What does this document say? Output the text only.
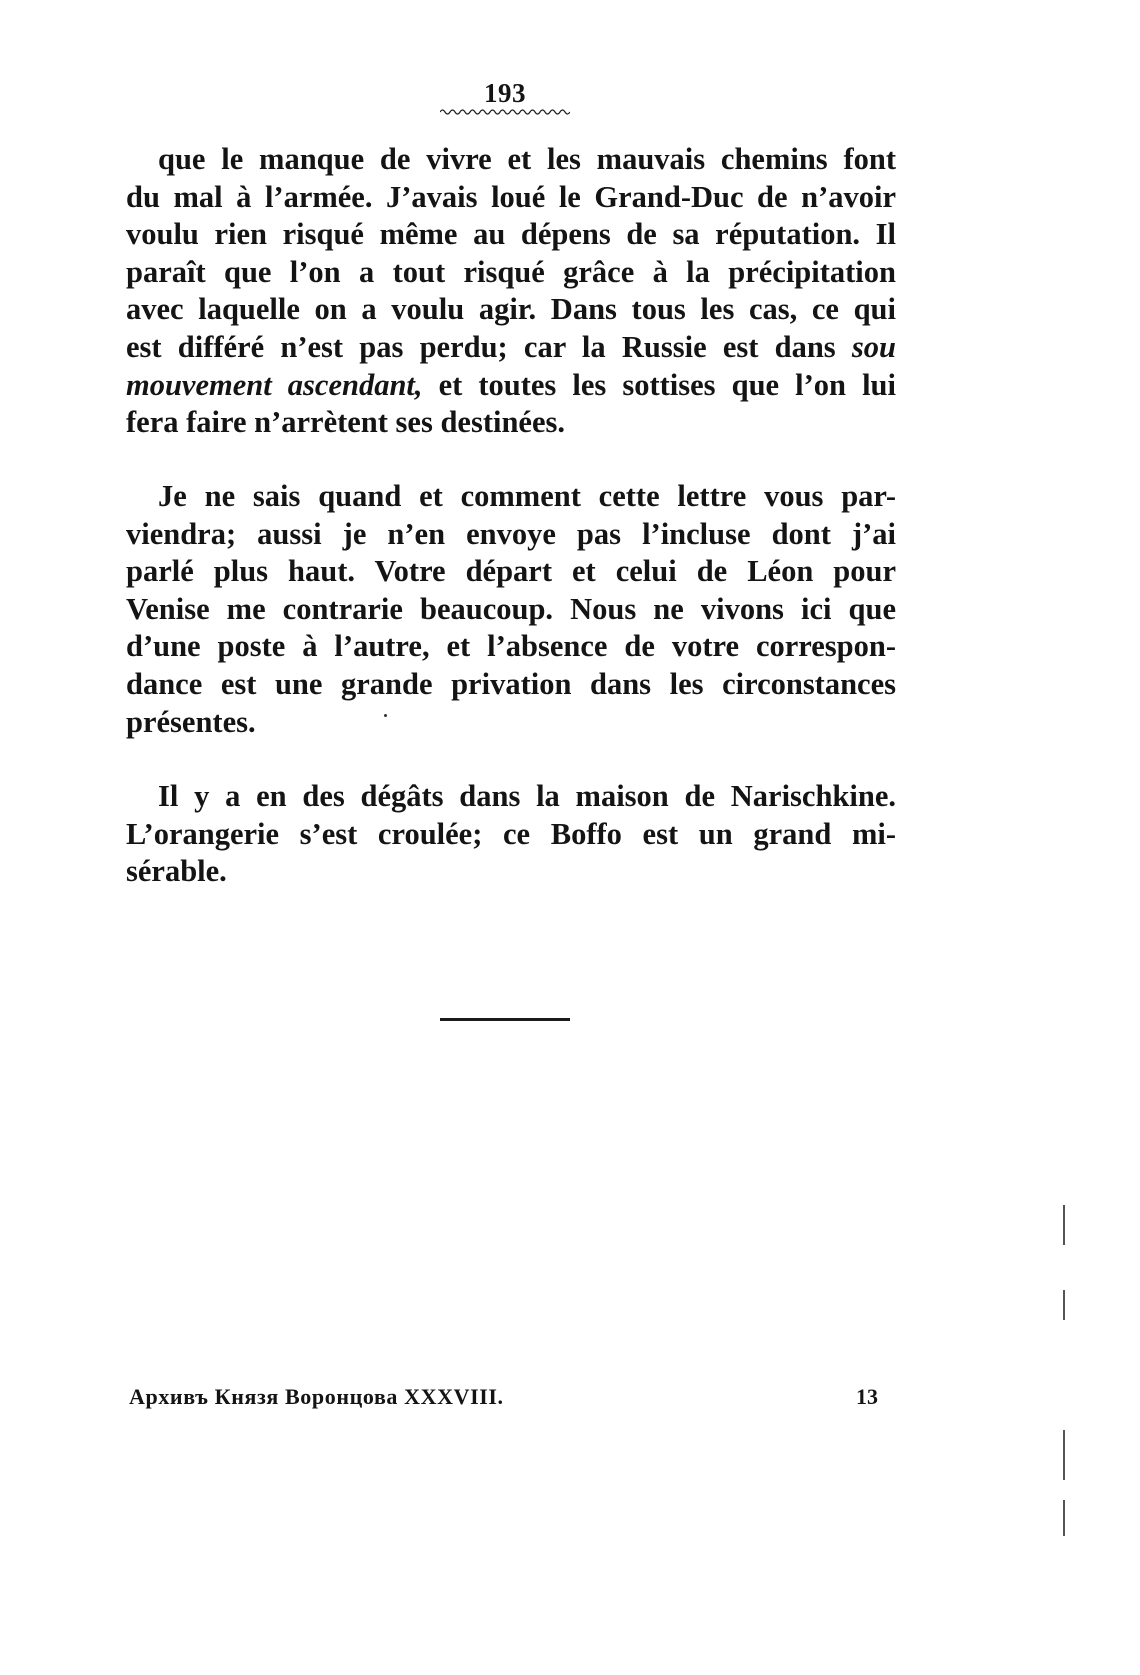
193
que le manque de vivre et les mauvais chemins font
du mal à l’armée. J’avais loué le Grand-Duc de n’avoir
voulu rien risqué même au dépens de sa réputation. Il
paraît que l’on a tout risqué grâce à la précipitation
avec laquelle on a voulu agir. Dans tous les cas, ce qui
est différé n’est pas perdu; car la Russie est dans sou
mouvement ascendant, et toutes les sottises que l’on lui
fera faire n’arrètent ses destinées.
Je ne sais quand et comment cette lettre vous par-
viendra; aussi je n’en envoye pas l’incluse dont j’ai
parlé plus haut. Votre départ et celui de Léon pour
Venise me contrarie beaucoup. Nous ne vivons ici que
d’une poste à l’autre, et l’absence de votre correspon-
dance est une grande privation dans les circonstances
présentes.
Il y a en des dégâts dans la maison de Narischkine.
L’orangerie s’est croulée; ce Boffo est un grand mi-
sérable.
Архивъ Князя Воронцова XXXVIII.	13
